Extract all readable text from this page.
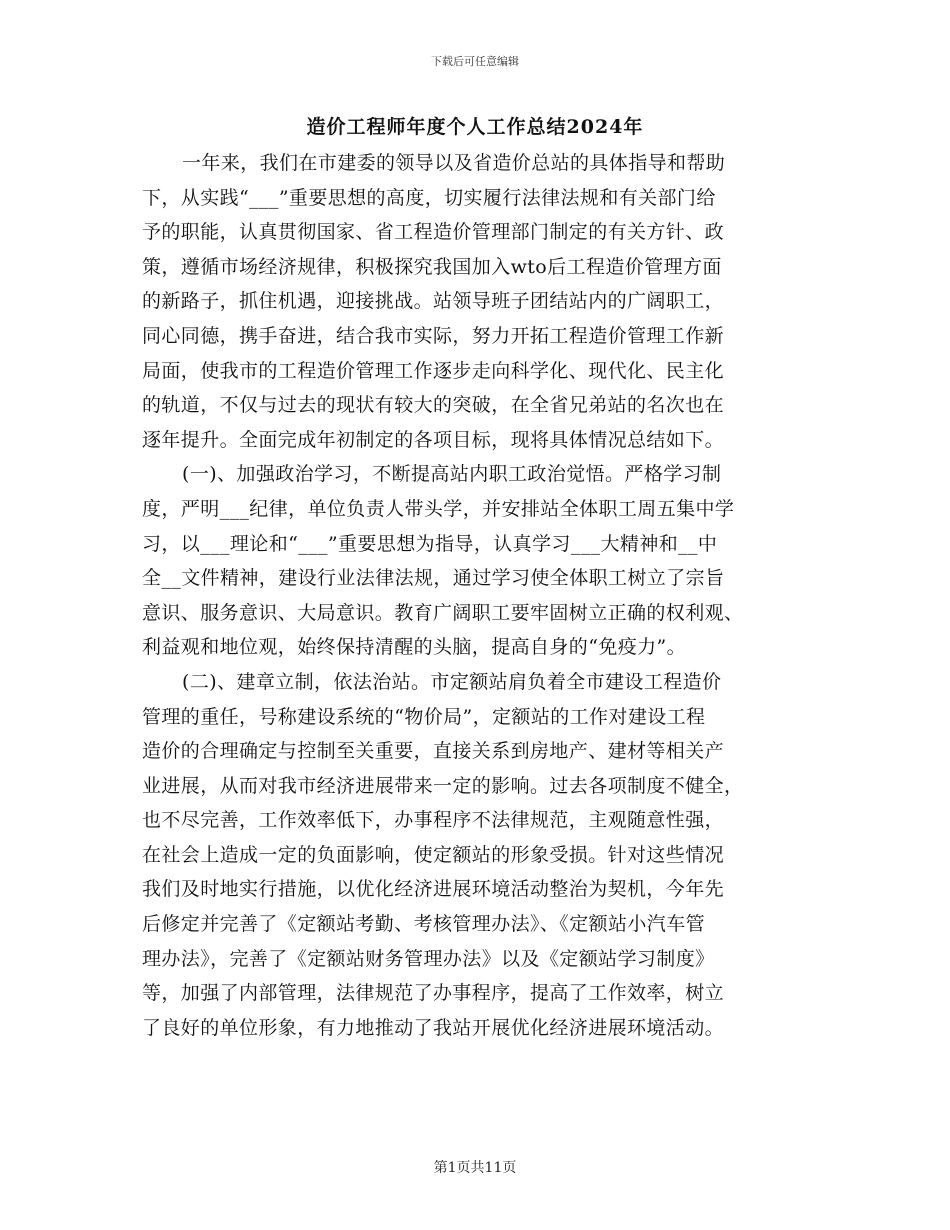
下载后可任意编辑
造价工程师年度个人工作总结2024年
一年来，我们在市建委的领导以及省造价总站的具体指导和帮助
下，从实践“___”重要思想的高度，切实履行法律法规和有关部门给
予的职能，认真贯彻国家、省工程造价管理部门制定的有关方针、政
策，遵循市场经济规律，积极探究我国加入wto后工程造价管理方面
的新路子，抓住机遇，迎接挑战。站领导班子团结站内的广阔职工，
同心同德，携手奋进，结合我市实际，努力开拓工程造价管理工作新
局面，使我市的工程造价管理工作逐步走向科学化、现代化、民主化
的轨道，不仅与过去的现状有较大的突破，在全省兄弟站的名次也在
逐年提升。全面完成年初制定的各项目标，现将具体情况总结如下。
(一)、加强政治学习，不断提高站内职工政治觉悟。严格学习制
度，严明___纪律，单位负责人带头学，并安排站全体职工周五集中学
习，以___理论和“___”重要思想为指导，认真学习___大精神和__中
全__文件精神，建设行业法律法规，通过学习使全体职工树立了宗旨
意识、服务意识、大局意识。教育广阔职工要牢固树立正确的权利观、
利益观和地位观，始终保持清醒的头脑，提高自身的“免疫力”。
(二)、建章立制，依法治站。市定额站肩负着全市建设工程造价
管理的重任，号称建设系统的“物价局”，定额站的工作对建设工程
造价的合理确定与控制至关重要，直接关系到房地产、建材等相关产
业进展，从而对我市经济进展带来一定的影响。过去各项制度不健全，
也不尽完善，工作效率低下，办事程序不法律规范，主观随意性强，
在社会上造成一定的负面影响，使定额站的形象受损。针对这些情况
我们及时地实行措施，以优化经济进展环境活动整治为契机，今年先
后修定并完善了《定额站考勤、考核管理办法》、《定额站小汽车管
理办法》，完善了《定额站财务管理办法》以及《定额站学习制度》
等，加强了内部管理，法律规范了办事程序，提高了工作效率，树立
了良好的单位形象，有力地推动了我站开展优化经济进展环境活动。
第1页共11页
